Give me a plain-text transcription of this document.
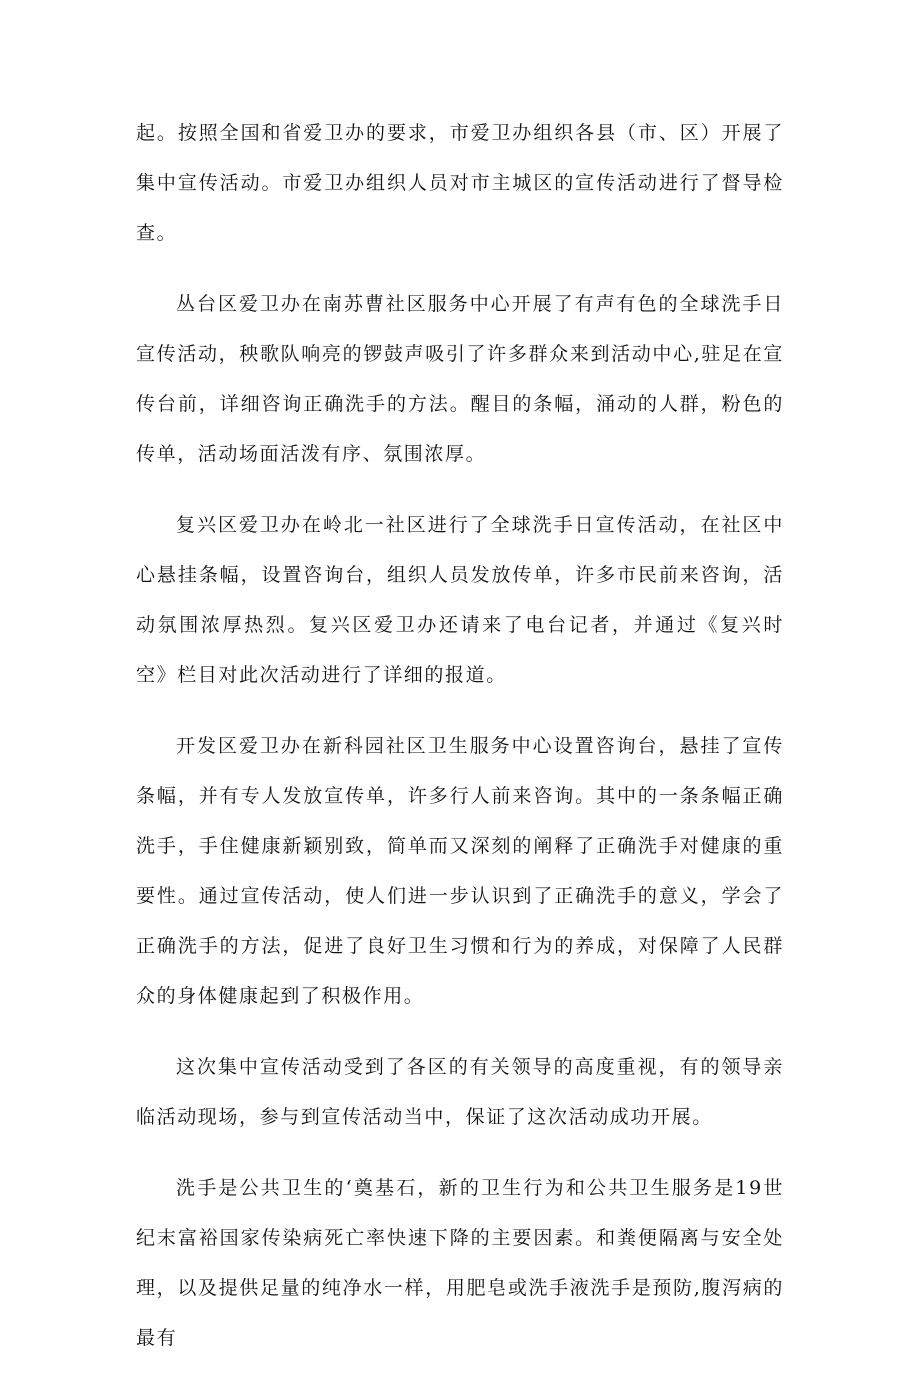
起。按照全国和省爱卫办的要求，市爱卫办组织各县（市、区）开展了集中宣传活动。市爱卫办组织人员对市主城区的宣传活动进行了督导检查。

丛台区爱卫办在南苏曹社区服务中心开展了有声有色的全球洗手日宣传活动，秧歌队响亮的锣鼓声吸引了许多群众来到活动中心,驻足在宣传台前，详细咨询正确洗手的方法。醒目的条幅，涌动的人群，粉色的传单，活动场面活泼有序、氛围浓厚。

复兴区爱卫办在岭北一社区进行了全球洗手日宣传活动，在社区中心悬挂条幅，设置咨询台，组织人员发放传单，许多市民前来咨询，活动氛围浓厚热烈。复兴区爱卫办还请来了电台记者，并通过《复兴时空》栏目对此次活动进行了详细的报道。

开发区爱卫办在新科园社区卫生服务中心设置咨询台，悬挂了宣传条幅，并有专人发放宣传单，许多行人前来咨询。其中的一条条幅正确洗手，手住健康新颖别致，简单而又深刻的阐释了正确洗手对健康的重要性。通过宣传活动，使人们进一步认识到了正确洗手的意义，学会了正确洗手的方法，促进了良好卫生习惯和行为的养成，对保障了人民群众的身体健康起到了积极作用。

这次集中宣传活动受到了各区的有关领导的高度重视，有的领导亲临活动现场，参与到宣传活动当中，保证了这次活动成功开展。

洗手是公共卫生的‘奠基石，新的卫生行为和公共卫生服务是19世纪末富裕国家传染病死亡率快速下降的主要因素。和粪便隔离与安全处理，以及提供足量的纯净水一样，用肥皂或洗手液洗手是预防,腹泻病的最有
